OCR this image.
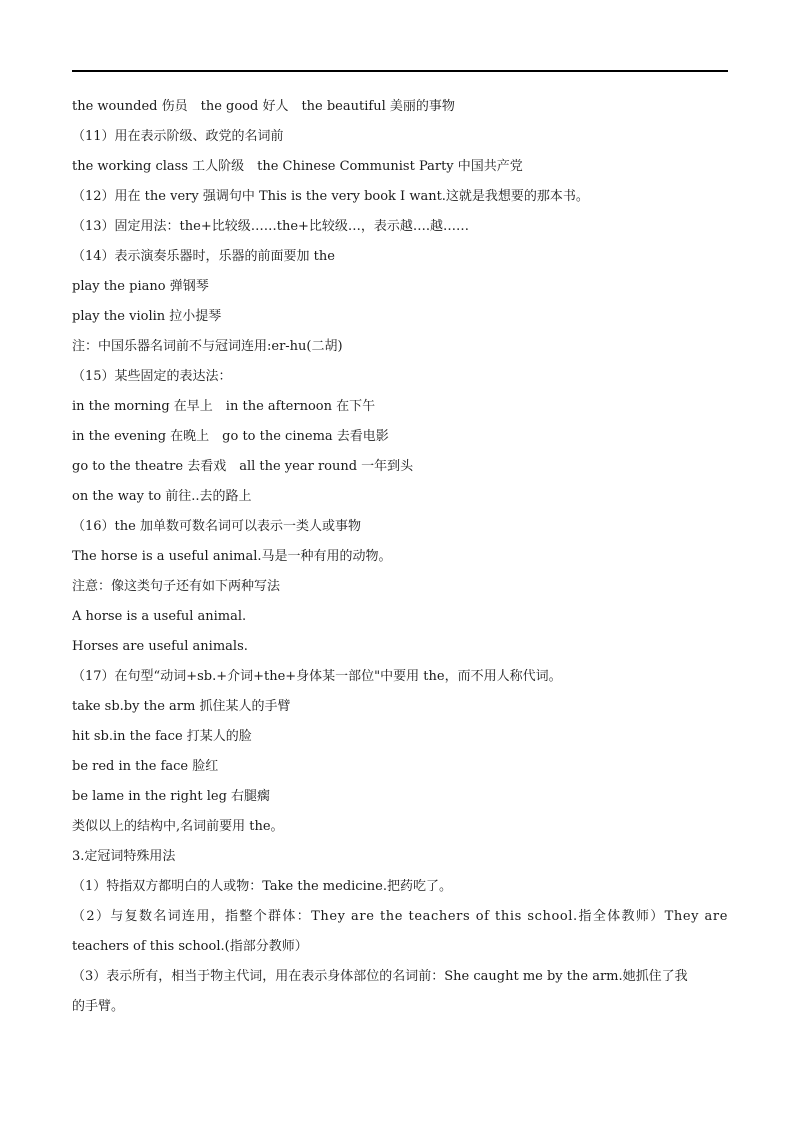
the wounded 伤员　the good 好人　the beautiful 美丽的事物
（11）用在表示阶级、政党的名词前
the working class 工人阶级　the Chinese Communist Party 中国共产党
（12）用在 the very 强调句中 This is the very book I want.这就是我想要的那本书。
（13）固定用法：the+比较级……the+比较级…，表示越….越……
（14）表示演奏乐器时，乐器的前面要加 the
play the piano 弹钢琴
play the violin 拉小提琴
注：中国乐器名词前不与冠词连用:er-hu(二胡)
（15）某些固定的表达法：
in the morning 在早上　in the afternoon 在下午
in the evening 在晚上　go to the cinema 去看电影
go to the theatre 去看戏　all the year round 一年到头
on the way to 前往..去的路上
（16）the 加单数可数名词可以表示一类人或事物
The horse is a useful animal.马是一种有用的动物。
注意：像这类句子还有如下两种写法
A horse is a useful animal.
Horses are useful animals.
（17）在句型“动词+sb.+介词+the+身体某一部位"中要用 the，而不用人称代词。
take sb.by the arm 抓住某人的手臂
hit sb.in the face 打某人的脸
be red in the face 脸红
be lame in the right leg 右腿瘸
类似以上的结构中,名词前要用 the。
3.定冠词特殊用法
（1）特指双方都明白的人或物：Take the medicine.把药吃了。
（2）与复数名词连用，指整个群体：They are the teachers of this school.指全体教师）They are
teachers of this school.(指部分教师）
（3）表示所有，相当于物主代词，用在表示身体部位的名词前：She caught me by the arm.她抓住了我
的手臂。
